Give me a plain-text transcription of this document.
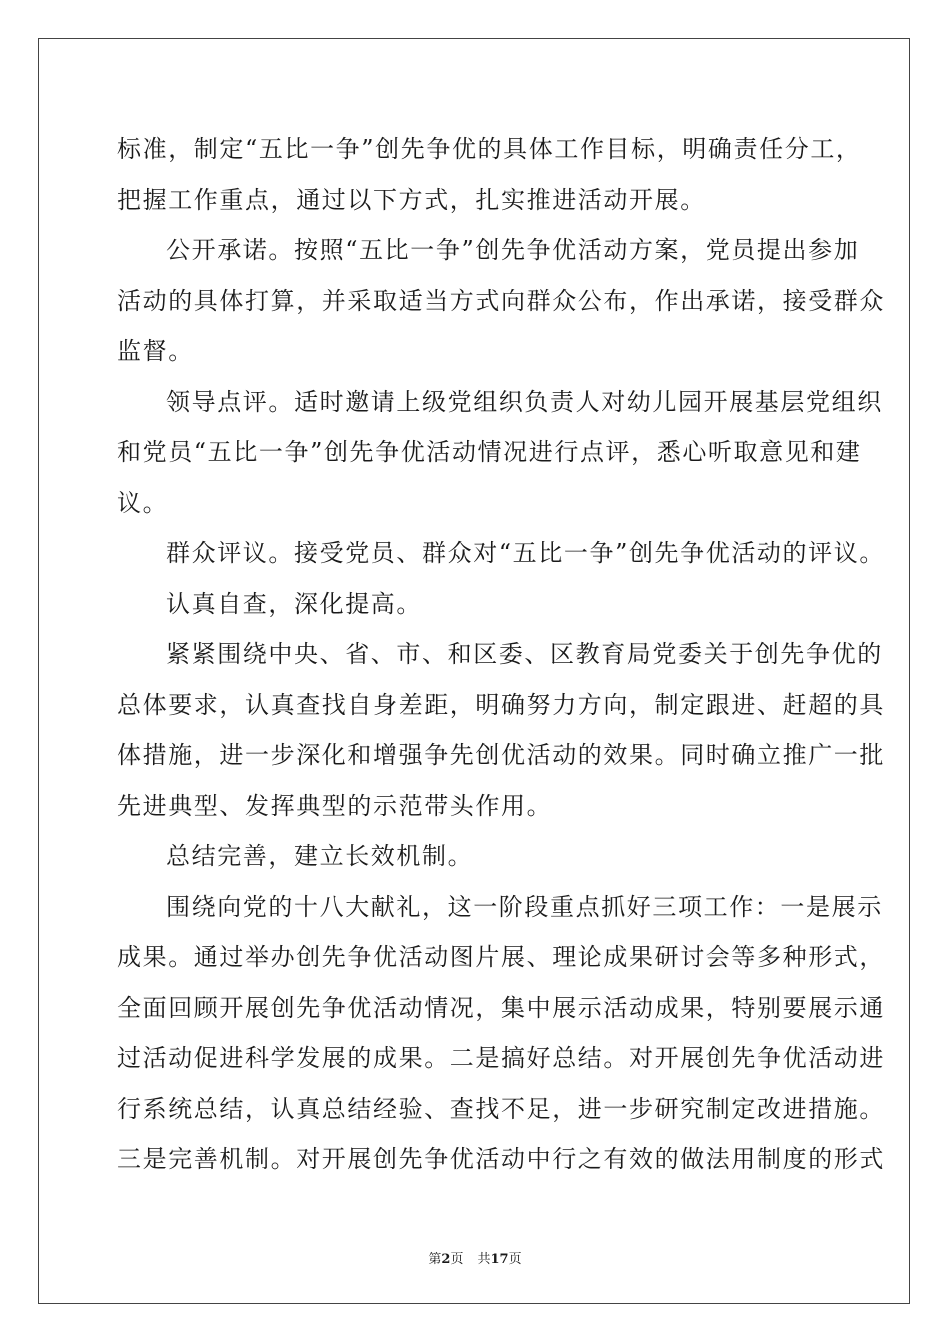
标准，制定“五比一争”创先争优的具体工作目标，明确责任分工，
把握工作重点，通过以下方式，扎实推进活动开展。
公开承诺。按照“五比一争”创先争优活动方案，党员提出参加
活动的具体打算，并采取适当方式向群众公布，作出承诺，接受群众
监督。
领导点评。适时邀请上级党组织负责人对幼儿园开展基层党组织
和党员“五比一争”创先争优活动情况进行点评，悉心听取意见和建
议。
群众评议。接受党员、群众对“五比一争”创先争优活动的评议。
认真自查，深化提高。
紧紧围绕中央、省、市、和区委、区教育局党委关于创先争优的
总体要求，认真查找自身差距，明确努力方向，制定跟进、赶超的具
体措施，进一步深化和增强争先创优活动的效果。同时确立推广一批
先进典型、发挥典型的示范带头作用。
总结完善，建立长效机制。
围绕向党的十八大献礼，这一阶段重点抓好三项工作：一是展示
成果。通过举办创先争优活动图片展、理论成果研讨会等多种形式，
全面回顾开展创先争优活动情况，集中展示活动成果，特别要展示通
过活动促进科学发展的成果。二是搞好总结。对开展创先争优活动进
行系统总结，认真总结经验、查找不足，进一步研究制定改进措施。
三是完善机制。对开展创先争优活动中行之有效的做法用制度的形式
第2页 共17页
